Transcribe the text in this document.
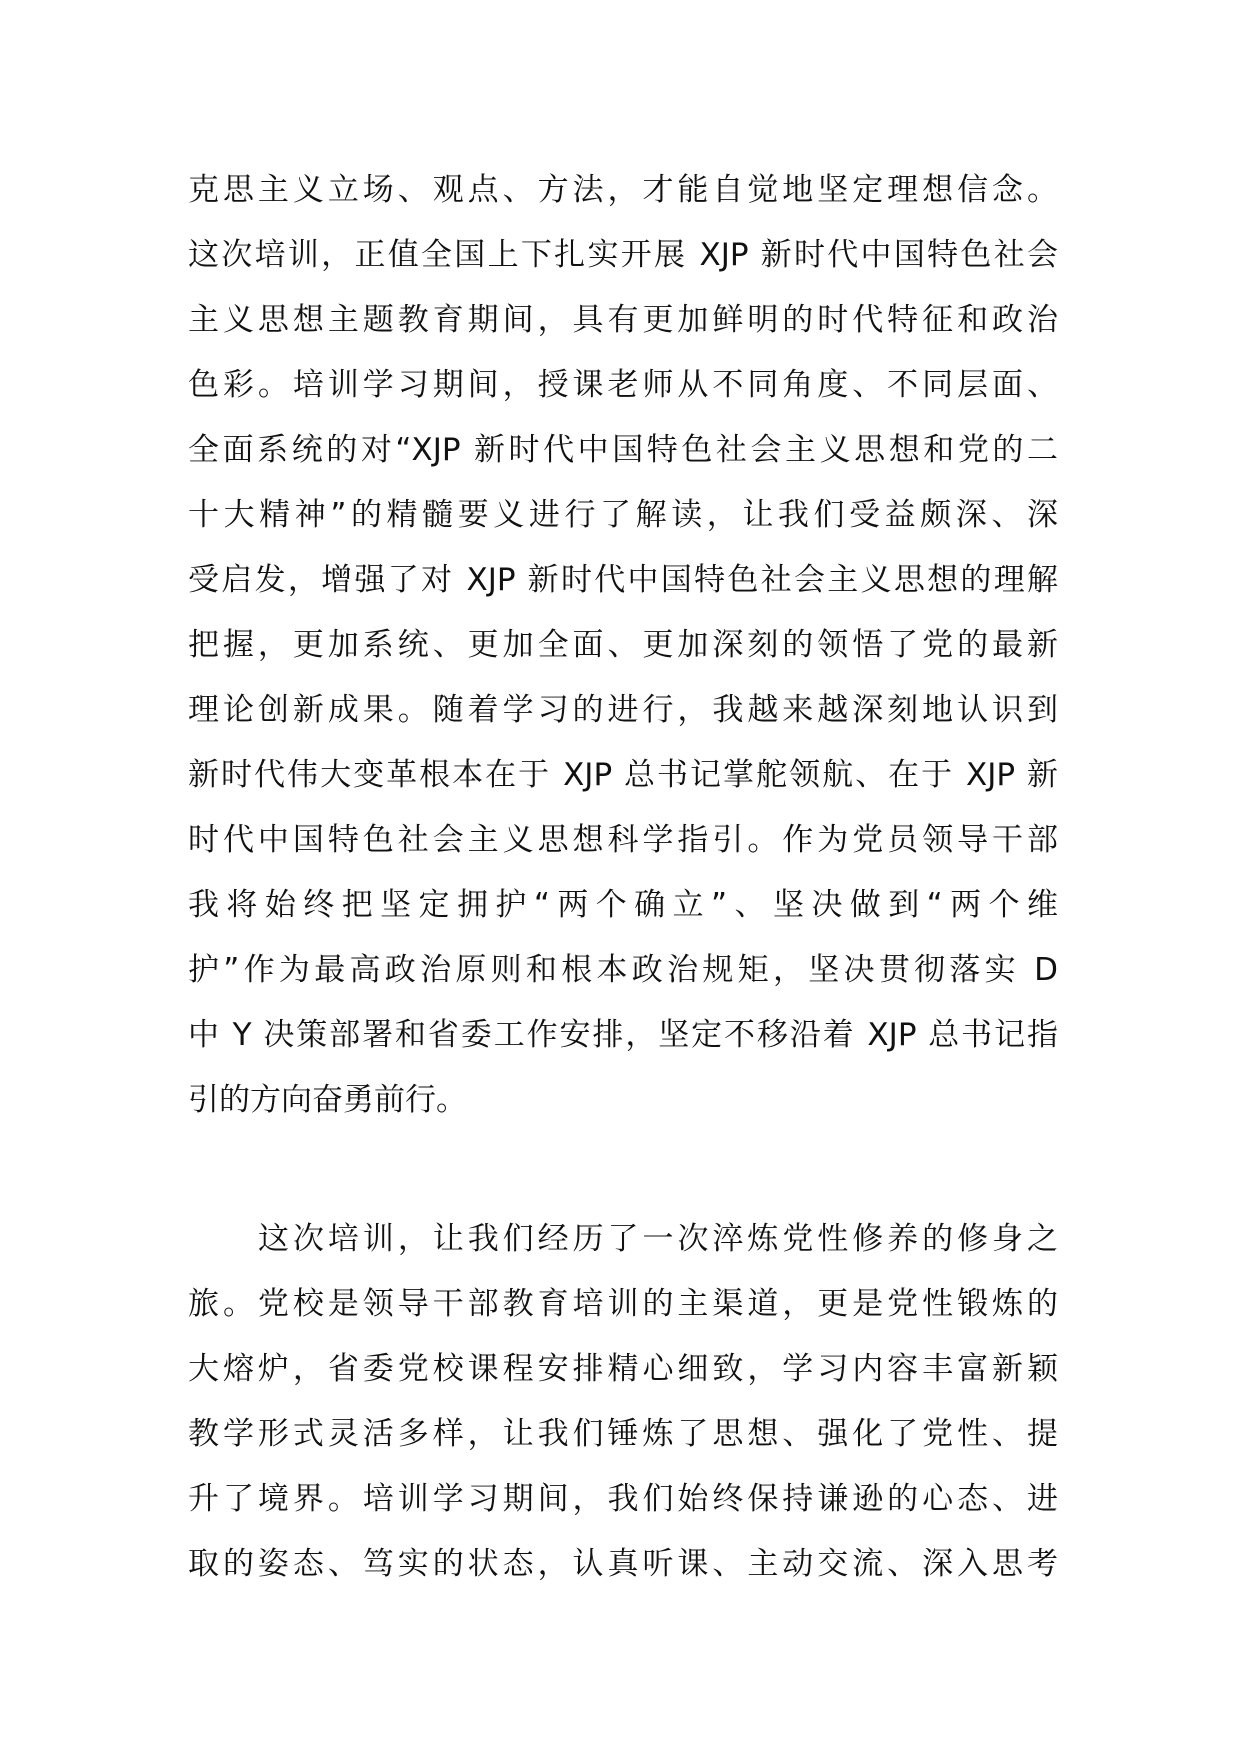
克思主义立场、观点、方法，才能自觉地坚定理想信念。
这次培训，正值全国上下扎实开展 XJP 新时代中国特色社会
主义思想主题教育期间，具有更加鲜明的时代特征和政治
色彩。培训学习期间，授课老师从不同角度、不同层面、
全面系统的对“XJP 新时代中国特色社会主义思想和党的二
十大精神”的精髓要义进行了解读，让我们受益颇深、深
受启发，增强了对 XJP 新时代中国特色社会主义思想的理解
把握，更加系统、更加全面、更加深刻的领悟了党的最新
理论创新成果。随着学习的进行，我越来越深刻地认识到
新时代伟大变革根本在于 XJP 总书记掌舵领航、在于 XJP 新
时代中国特色社会主义思想科学指引。作为党员领导干部
我将始终把坚定拥护“两个确立”、坚决做到“两个维
护”作为最高政治原则和根本政治规矩，坚决贯彻落实 D
中 Y 决策部署和省委工作安排，坚定不移沿着 XJP 总书记指
引的方向奋勇前行。
这次培训，让我们经历了一次淬炼党性修养的修身之
旅。党校是领导干部教育培训的主渠道，更是党性锻炼的
大熔炉，省委党校课程安排精心细致，学习内容丰富新颖
教学形式灵活多样，让我们锤炼了思想、强化了党性、提
升了境界。培训学习期间，我们始终保持谦逊的心态、进
取的姿态、笃实的状态，认真听课、主动交流、深入思考
